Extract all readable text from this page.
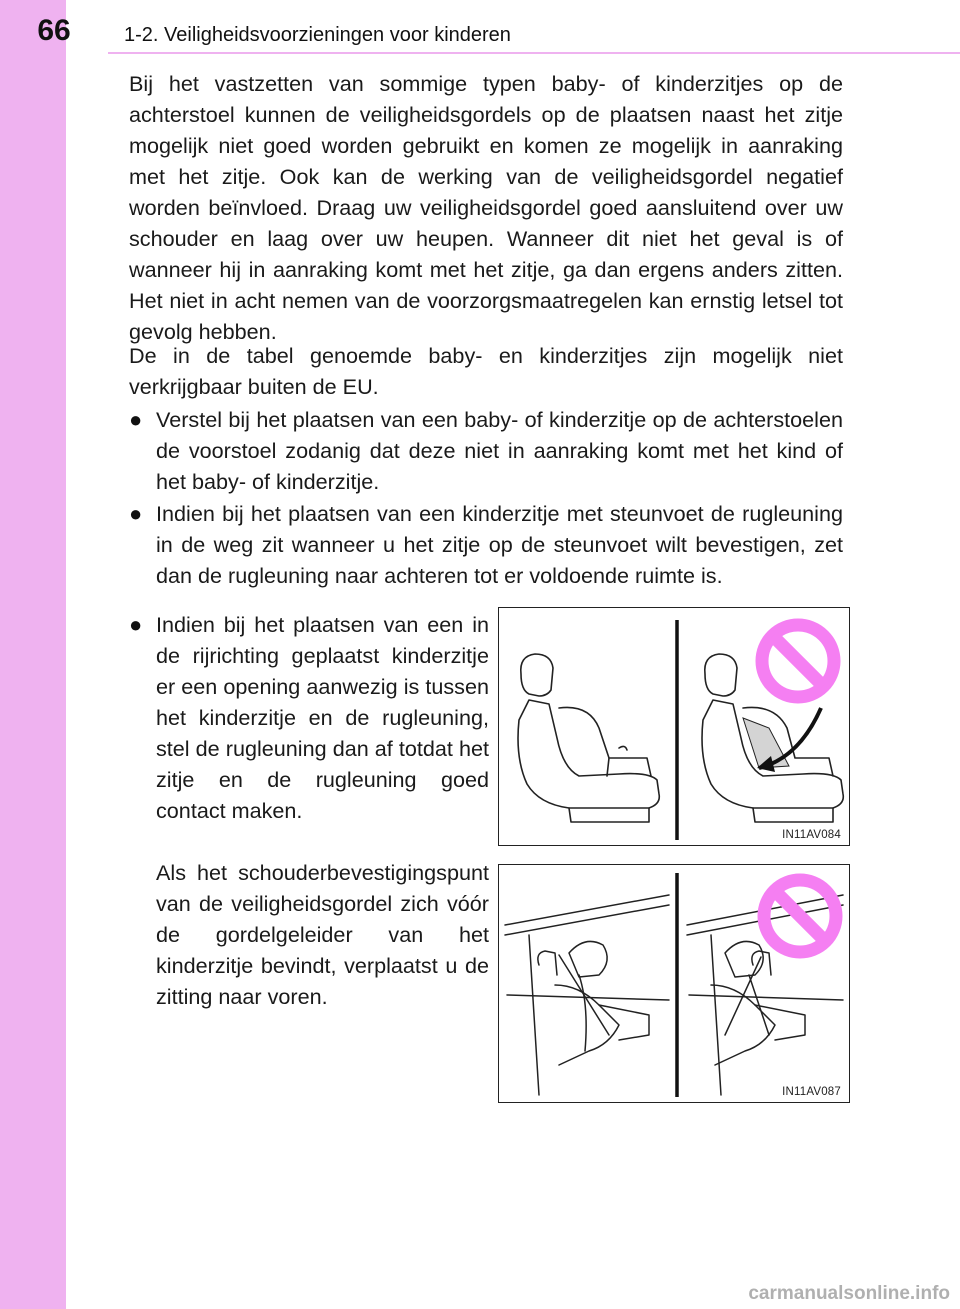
66	1-2. Veiligheidsvoorzieningen voor kinderen

Bij het vastzetten van sommige typen baby- of kinderzitjes op de achterstoel kunnen de veiligheidsgordels op de plaatsen naast het zitje mogelijk niet goed worden gebruikt en komen ze mogelijk in aanraking met het zitje. Ook kan de werking van de veiligheidsgordel negatief worden beïnvloed. Draag uw veiligheidsgordel goed aansluitend over uw schouder en laag over uw heupen. Wanneer dit niet het geval is of wanneer hij in aanraking komt met het zitje, ga dan ergens anders zitten. Het niet in acht nemen van de voorzorgsmaatregelen kan ernstig letsel tot gevolg hebben.

De in de tabel genoemde baby- en kinderzitjes zijn mogelijk niet verkrijgbaar buiten de EU.

● Verstel bij het plaatsen van een baby- of kinderzitje op de achterstoelen de voorstoel zodanig dat deze niet in aanraking komt met het kind of het baby- of kinderzitje.
● Indien bij het plaatsen van een kinderzitje met steunvoet de rugleuning in de weg zit wanneer u het zitje op de steunvoet wilt bevestigen, zet dan de rugleuning naar achteren tot er voldoende ruimte is.
● Indien bij het plaatsen van een in de rijrichting geplaatst kinderzitje er een opening aanwezig is tussen het kinderzitje en de rugleuning, stel de rugleuning dan af totdat het zitje en de rugleuning goed contact maken.

Als het schouderbevestigingspunt van de veiligheidsgordel zich vóór de gordelgeleider van het kinderzitje bevindt, verplaatst u de zitting naar voren.

IN11AV084
IN11AV087
carmanualsonline.info
